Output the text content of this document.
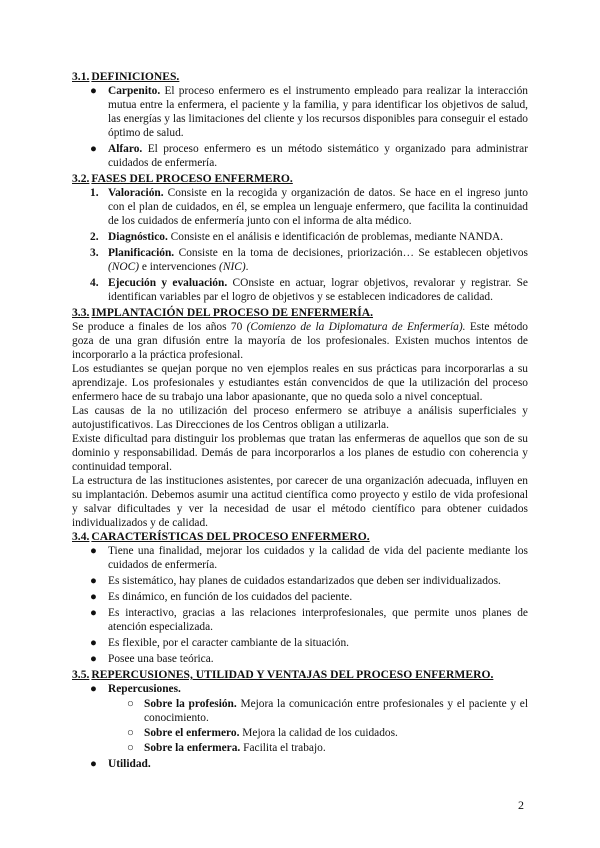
3.1. DEFINICIONES.
● Carpenito. El proceso enfermero es el instrumento empleado para realizar la interacción mutua entre la enfermera, el paciente y la familia, y para identificar los objetivos de salud, las energías y las limitaciones del cliente y los recursos disponibles para conseguir el estado óptimo de salud.
● Alfaro. El proceso enfermero es un método sistemático y organizado para administrar cuidados de enfermería.
3.2. FASES DEL PROCESO ENFERMERO.
1. Valoración. Consiste en la recogida y organización de datos. Se hace en el ingreso junto con el plan de cuidados, en él, se emplea un lenguaje enfermero, que facilita la continuidad de los cuidados de enfermería junto con el informa de alta médico.
2. Diagnóstico. Consiste en el análisis e identificación de problemas, mediante NANDA.
3. Planificación. Consiste en la toma de decisiones, priorización… Se establecen objetivos (NOC) e intervenciones (NIC).
4. Ejecución y evaluación. COnsiste en actuar, lograr objetivos, revalorar y registrar. Se identifican variables par el logro de objetivos y se establecen indicadores de calidad.
3.3. IMPLANTACIÓN DEL PROCESO DE ENFERMERÍA.

Se produce a finales de los años 70 (Comienzo de la Diplomatura de Enfermería). Este método goza de una gran difusión entre la mayoría de los profesionales. Existen muchos intentos de incorporarlo a la práctica profesional.

Los estudiantes se quejan porque no ven ejemplos reales en sus prácticas para incorporarlas a su aprendizaje. Los profesionales y estudiantes están convencidos de que la utilización del proceso enfermero hace de su trabajo una labor apasionante, que no queda solo a nivel conceptual.

Las causas de la no utilización del proceso enfermero se atribuye a análisis superficiales y autojustificativos. Las Direcciones de los Centros obligan a utilizarla.

Existe dificultad para distinguir los problemas que tratan las enfermeras de aquellos que son de su dominio y responsabilidad. Demás de para incorporarlos a los planes de estudio con coherencia y continuidad temporal.

La estructura de las instituciones asistentes, por carecer de una organización adecuada, influyen en su implantación. Debemos asumir una actitud científica como proyecto y estilo de vida profesional y salvar dificultades y ver la necesidad de usar el método científico para obtener cuidados individualizados y de calidad.

3.4. CARACTERÍSTICAS DEL PROCESO ENFERMERO.
● Tiene una finalidad, mejorar los cuidados y la calidad de vida del paciente mediante los cuidados de enfermería.
● Es sistemático, hay planes de cuidados estandarizados que deben ser individualizados.
● Es dinámico, en función de los cuidados del paciente.
● Es interactivo, gracias a las relaciones interprofesionales, que permite unos planes de atención especializada.
● Es flexible, por el caracter cambiante de la situación.
● Posee una base teórica.
3.5. REPERCUSIONES, UTILIDAD Y VENTAJAS DEL PROCESO ENFERMERO.
● Repercusiones.
○ Sobre la profesión. Mejora la comunicación entre profesionales y el paciente y el conocimiento.
○ Sobre el enfermero. Mejora la calidad de los cuidados.
○ Sobre la enfermera. Facilita el trabajo.
● Utilidad.
2
